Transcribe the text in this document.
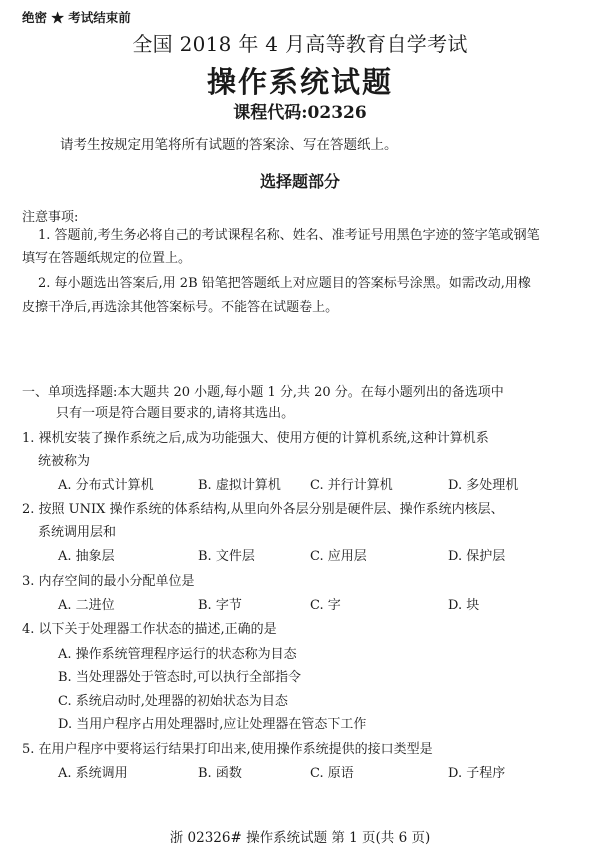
绝密 ★ 考试结束前
全国 2018 年 4 月高等教育自学考试
操作系统试题
课程代码:02326
请考生按规定用笔将所有试题的答案涂、写在答题纸上。
选择题部分
注意事项:
1. 答题前,考生务必将自己的考试课程名称、姓名、准考证号用黑色字迹的签字笔或钢笔
填写在答题纸规定的位置上。
2. 每小题选出答案后,用 2B 铅笔把答题纸上对应题目的答案标号涂黑。如需改动,用橡
皮擦干净后,再选涂其他答案标号。不能答在试题卷上。
一、单项选择题:本大题共 20 小题,每小题 1 分,共 20 分。在每小题列出的备选项中
只有一项是符合题目要求的,请将其选出。
1. 裸机安装了操作系统之后,成为功能强大、使用方便的计算机系统,这种计算机系
统被称为
A. 分布式计算机	B. 虚拟计算机 C. 并行计算机	D. 多处理机
2. 按照 UNIX 操作系统的体系结构,从里向外各层分别是硬件层、操作系统内核层、
系统调用层和
A. 抽象层	B. 文件层	C. 应用层	D. 保护层
3. 内存空间的最小分配单位是
A. 二进位	B. 字节	C. 字	D. 块
4. 以下关于处理器工作状态的描述,正确的是
A. 操作系统管理程序运行的状态称为目态
B. 当处理器处于管态时,可以执行全部指令
C. 系统启动时,处理器的初始状态为目态
D. 当用户程序占用处理器时,应让处理器在管态下工作
5. 在用户程序中要将运行结果打印出来,使用操作系统提供的接口类型是
A. 系统调用	B. 函数	C. 原语	D. 子程序
浙 02326# 操作系统试题 第 1 页(共 6 页)
